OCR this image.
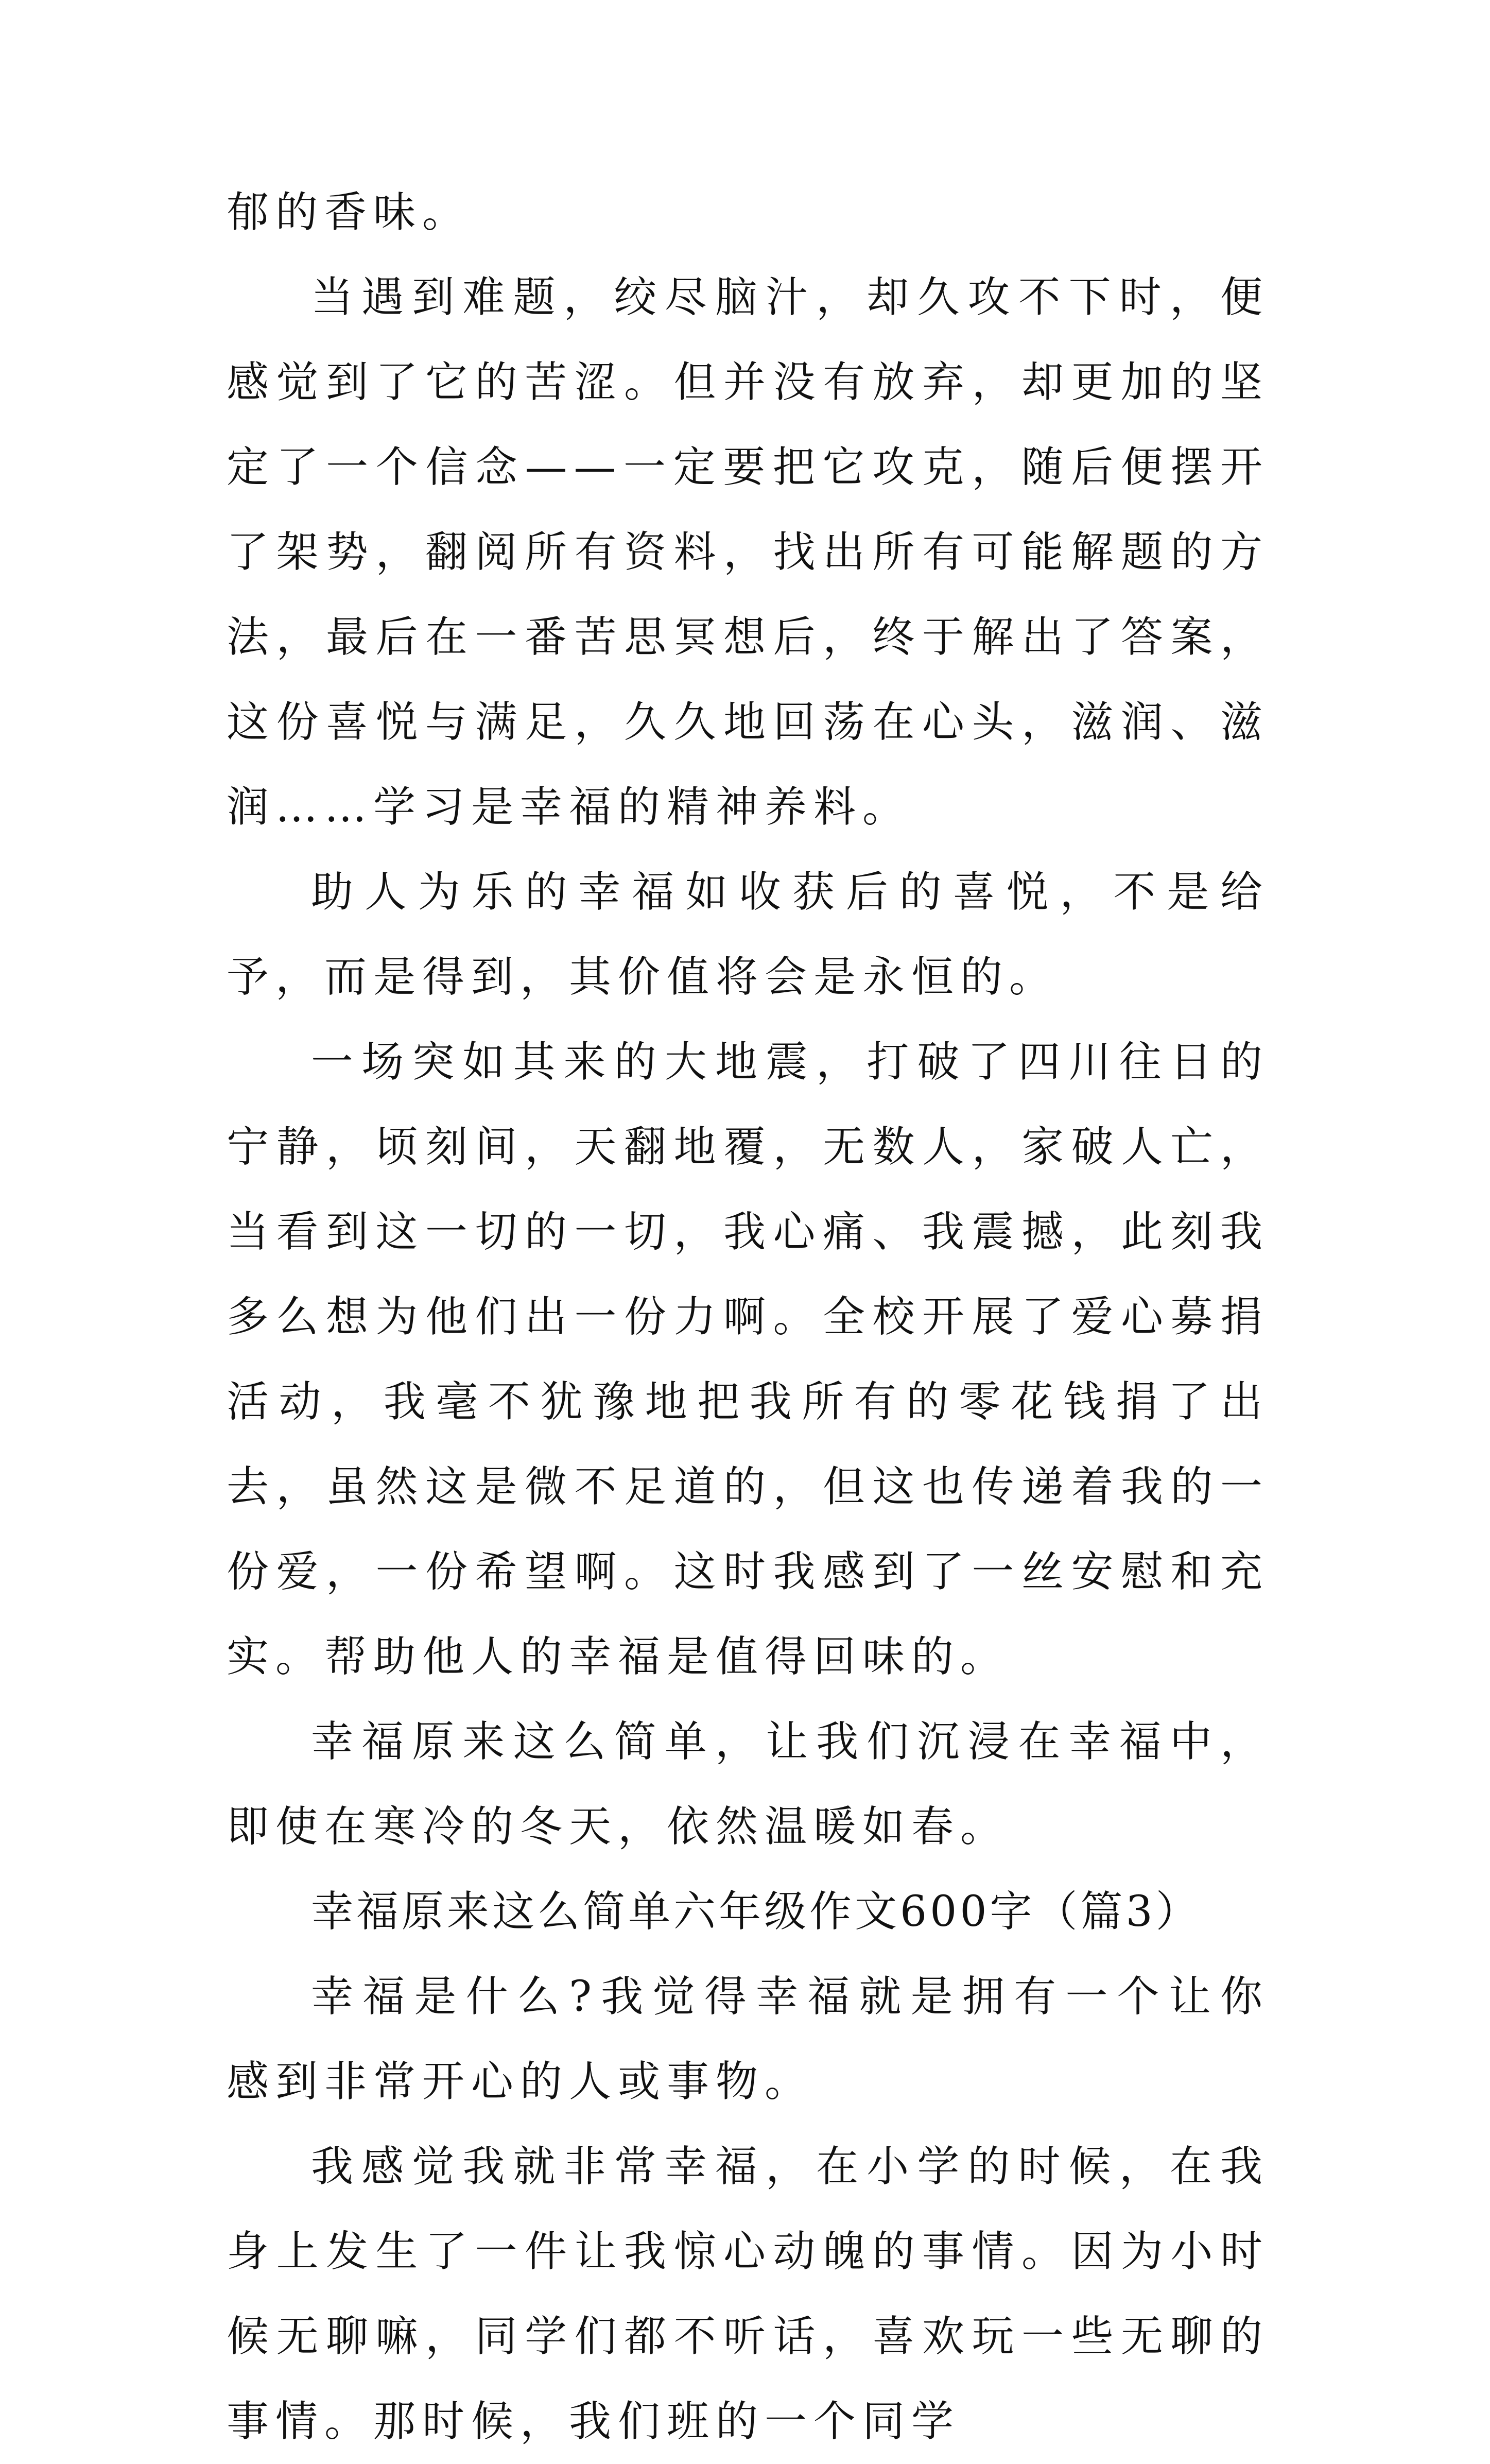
郁的香味。

当遇到难题，绞尽脑汁，却久攻不下时，便感觉到了它的苦涩。但并没有放弃，却更加的坚定了一个信念——一定要把它攻克，随后便摆开了架势，翻阅所有资料，找出所有可能解题的方法，最后在一番苦思冥想后，终于解出了答案，这份喜悦与满足，久久地回荡在心头，滋润、滋润……学习是幸福的精神养料。

助人为乐的幸福如收获后的喜悦，不是给予，而是得到，其价值将会是永恒的。

一场突如其来的大地震，打破了四川往日的宁静，顷刻间，天翻地覆，无数人，家破人亡，当看到这一切的一切，我心痛、我震撼，此刻我多么想为他们出一份力啊。全校开展了爱心募捐活动，我毫不犹豫地把我所有的零花钱捐了出去，虽然这是微不足道的，但这也传递着我的一份爱，一份希望啊。这时我感到了一丝安慰和充实。帮助他人的幸福是值得回味的。

幸福原来这么简单，让我们沉浸在幸福中，即使在寒冷的冬天，依然温暖如春。

幸福原来这么简单六年级作文600字（篇3）

幸福是什么?我觉得幸福就是拥有一个让你感到非常开心的人或事物。

我感觉我就非常幸福，在小学的时候，在我身上发生了一件让我惊心动魄的事情。因为小时候无聊嘛，同学们都不听话，喜欢玩一些无聊的事情。那时候，我们班的一个同学
